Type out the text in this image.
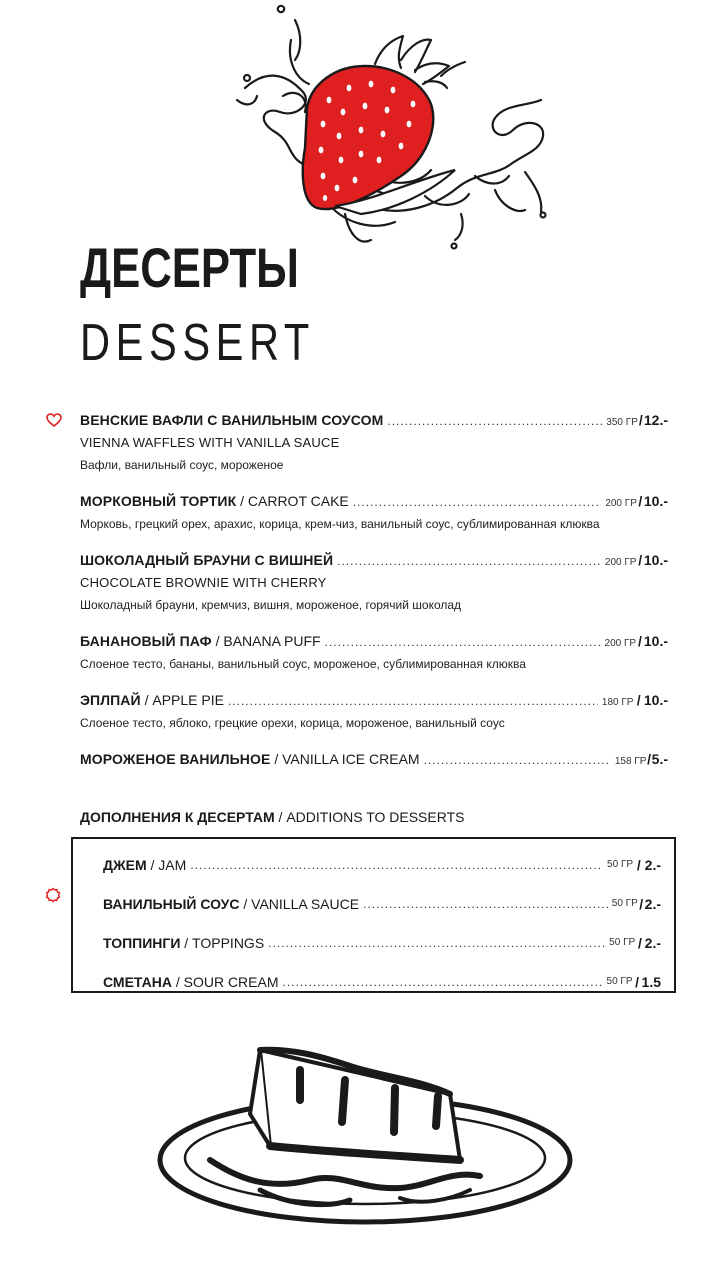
ДЕСЕРТЫ
DESSERT
ВЕНСКИЕ ВАФЛИ С ВАНИЛЬНЫМ СОУСОМ .....	350 ГР / 12.-
VIENNA WAFFLES WITH VANILLA SAUCE
Вафли, ванильный соус, мороженое
МОРКОВНЫЙ ТОРТИК / CARROT CAKE .....	200 ГР / 10.-
Морковь, грецкий орех, арахис, корица, крем-чиз, ванильный соус, сублимированная клюква
ШОКОЛАДНЫЙ БРАУНИ С ВИШНЕЙ .....	200 ГР / 10.-
CHOCOLATE BROWNIE WITH CHERRY
Шоколадный брауни, кремчиз, вишня, мороженое, горячий шоколад
БАНАНОВЫЙ ПАФ / BANANA PUFF .....	200 ГР / 10.-
Слоеное тесто, бананы, ванильный соус, мороженое, сублимированная клюква
ЭПЛПАЙ / APPLE PIE .....	180 ГР / 10.-
Слоеное тесто, яблоко, грецкие орехи, корица, мороженое, ванильный соус
МОРОЖЕНОЕ ВАНИЛЬНОЕ / VANILLA ICE CREAM .....	158 ГР / 5.-
ДОПОЛНЕНИЯ К ДЕСЕРТАМ / ADDITIONS TO DESSERTS
ДЖЕМ / JAM .....	50 ГР / 2.-
ВАНИЛЬНЫЙ СОУС / VANILLA SAUCE .....	50 ГР / 2.-
ТОППИНГИ / TOPPINGS .....	50 ГР / 2.-
СМЕТАНА / SOUR CREAM .....	50 ГР / 1.5
